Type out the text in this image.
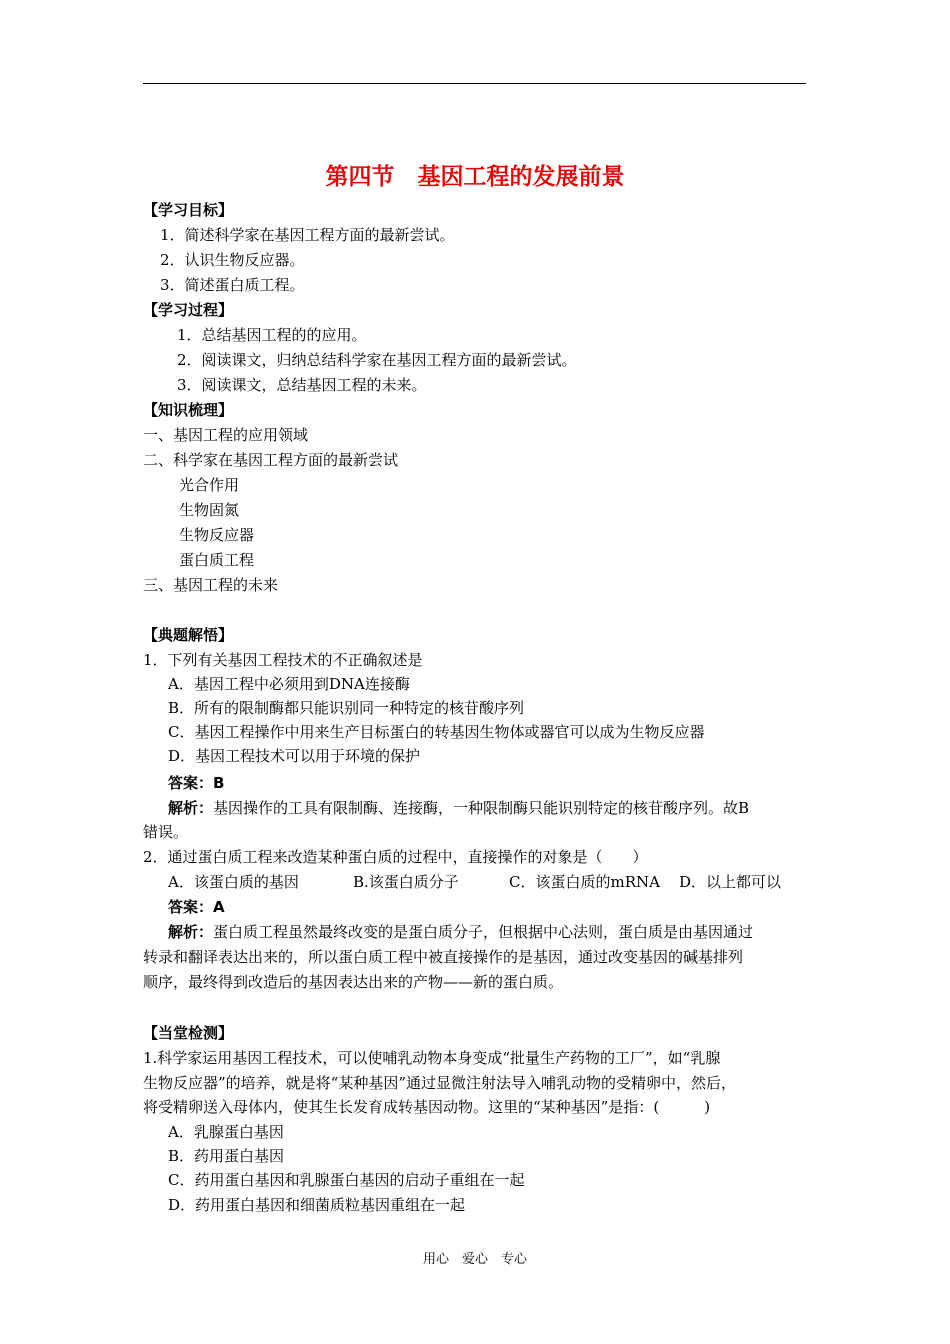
第四节　基因工程的发展前景
【学习目标】
1．简述科学家在基因工程方面的最新尝试。
2．认识生物反应器。
3．简述蛋白质工程。
【学习过程】
1．总结基因工程的的应用。
2．阅读课文，归纳总结科学家在基因工程方面的最新尝试。
3．阅读课文，总结基因工程的未来。
【知识梳理】
一、基因工程的应用领域
二、科学家在基因工程方面的最新尝试
光合作用
生物固氮
生物反应器
蛋白质工程
三、基因工程的未来
【典题解悟】
1．下列有关基因工程技术的不正确叙述是
A．基因工程中必须用到DNA连接酶
B．所有的限制酶都只能识别同一种特定的核苷酸序列
C．基因工程操作中用来生产目标蛋白的转基因生物体或器官可以成为生物反应器
D．基因工程技术可以用于环境的保护
答案：B
解析：基因操作的工具有限制酶、连接酶，一种限制酶只能识别特定的核苷酸序列。故B
错误。
2．通过蛋白质工程来改造某种蛋白质的过程中，直接操作的对象是（　　）
A．该蛋白质的基因	B.该蛋白质分子	C．该蛋白质的mRNA	D．以上都可以
答案：A
解析：蛋白质工程虽然最终改变的是蛋白质分子，但根据中心法则，蛋白质是由基因通过
转录和翻译表达出来的，所以蛋白质工程中被直接操作的是基因，通过改变基因的碱基排列
顺序，最终得到改造后的基因表达出来的产物——新的蛋白质。
【当堂检测】
1.科学家运用基因工程技术，可以使哺乳动物本身变成“批量生产药物的工厂”，如“乳腺
生物反应器”的培养，就是将“某种基因”通过显微注射法导入哺乳动物的受精卵中，然后，
将受精卵送入母体内，使其生长发育成转基因动物。这里的“某种基因”是指：(　　　)
A．乳腺蛋白基因
B．药用蛋白基因
C．药用蛋白基因和乳腺蛋白基因的启动子重组在一起
D．药用蛋白基因和细菌质粒基因重组在一起
用心　爱心　专心
